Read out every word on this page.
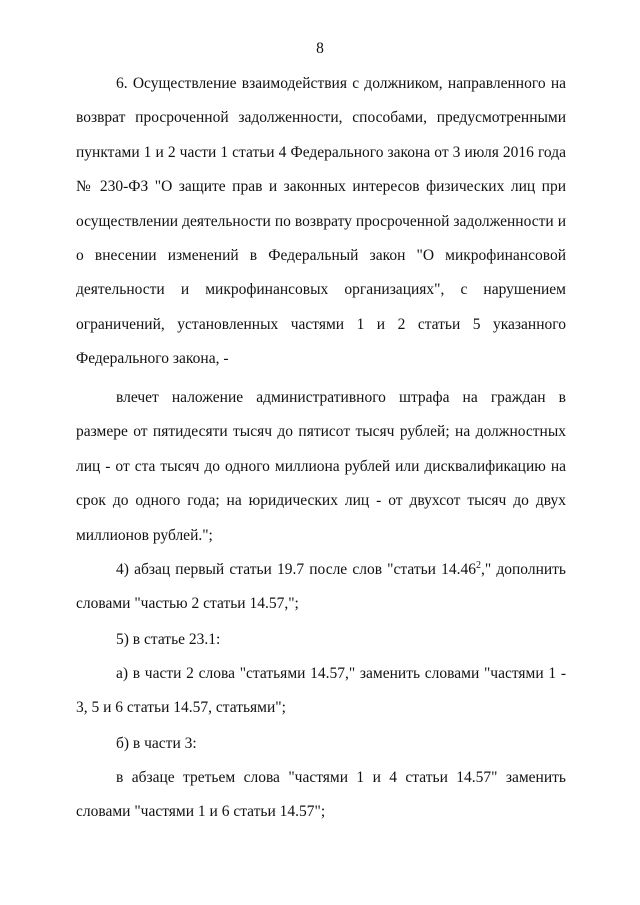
8

6. Осуществление взаимодействия с должником, направленного на возврат просроченной задолженности, способами, предусмотренными пунктами 1 и 2 части 1 статьи 4 Федерального закона от 3 июля 2016 года № 230-ФЗ "О защите прав и законных интересов физических лиц при осуществлении деятельности по возврату просроченной задолженности и о внесении изменений в Федеральный закон "О микрофинансовой деятельности и микрофинансовых организациях", с нарушением ограничений, установленных частями 1 и 2 статьи 5 указанного Федерального закона, -

влечет наложение административного штрафа на граждан в размере от пятидесяти тысяч до пятисот тысяч рублей; на должностных лиц - от ста тысяч до одного миллиона рублей или дисквалификацию на срок до одного года; на юридических лиц - от двухсот тысяч до двух миллионов рублей.";

4) абзац первый статьи 19.7 после слов "статьи 14.46$^2$," дополнить словами "частью 2 статьи 14.57,";

5) в статье 23.1:

а) в части 2 слова "статьями 14.57," заменить словами "частями 1 - 3, 5 и 6 статьи 14.57, статьями";

б) в части 3:

в абзаце третьем слова "частями 1 и 4 статьи 14.57" заменить словами "частями 1 и 6 статьи 14.57";
